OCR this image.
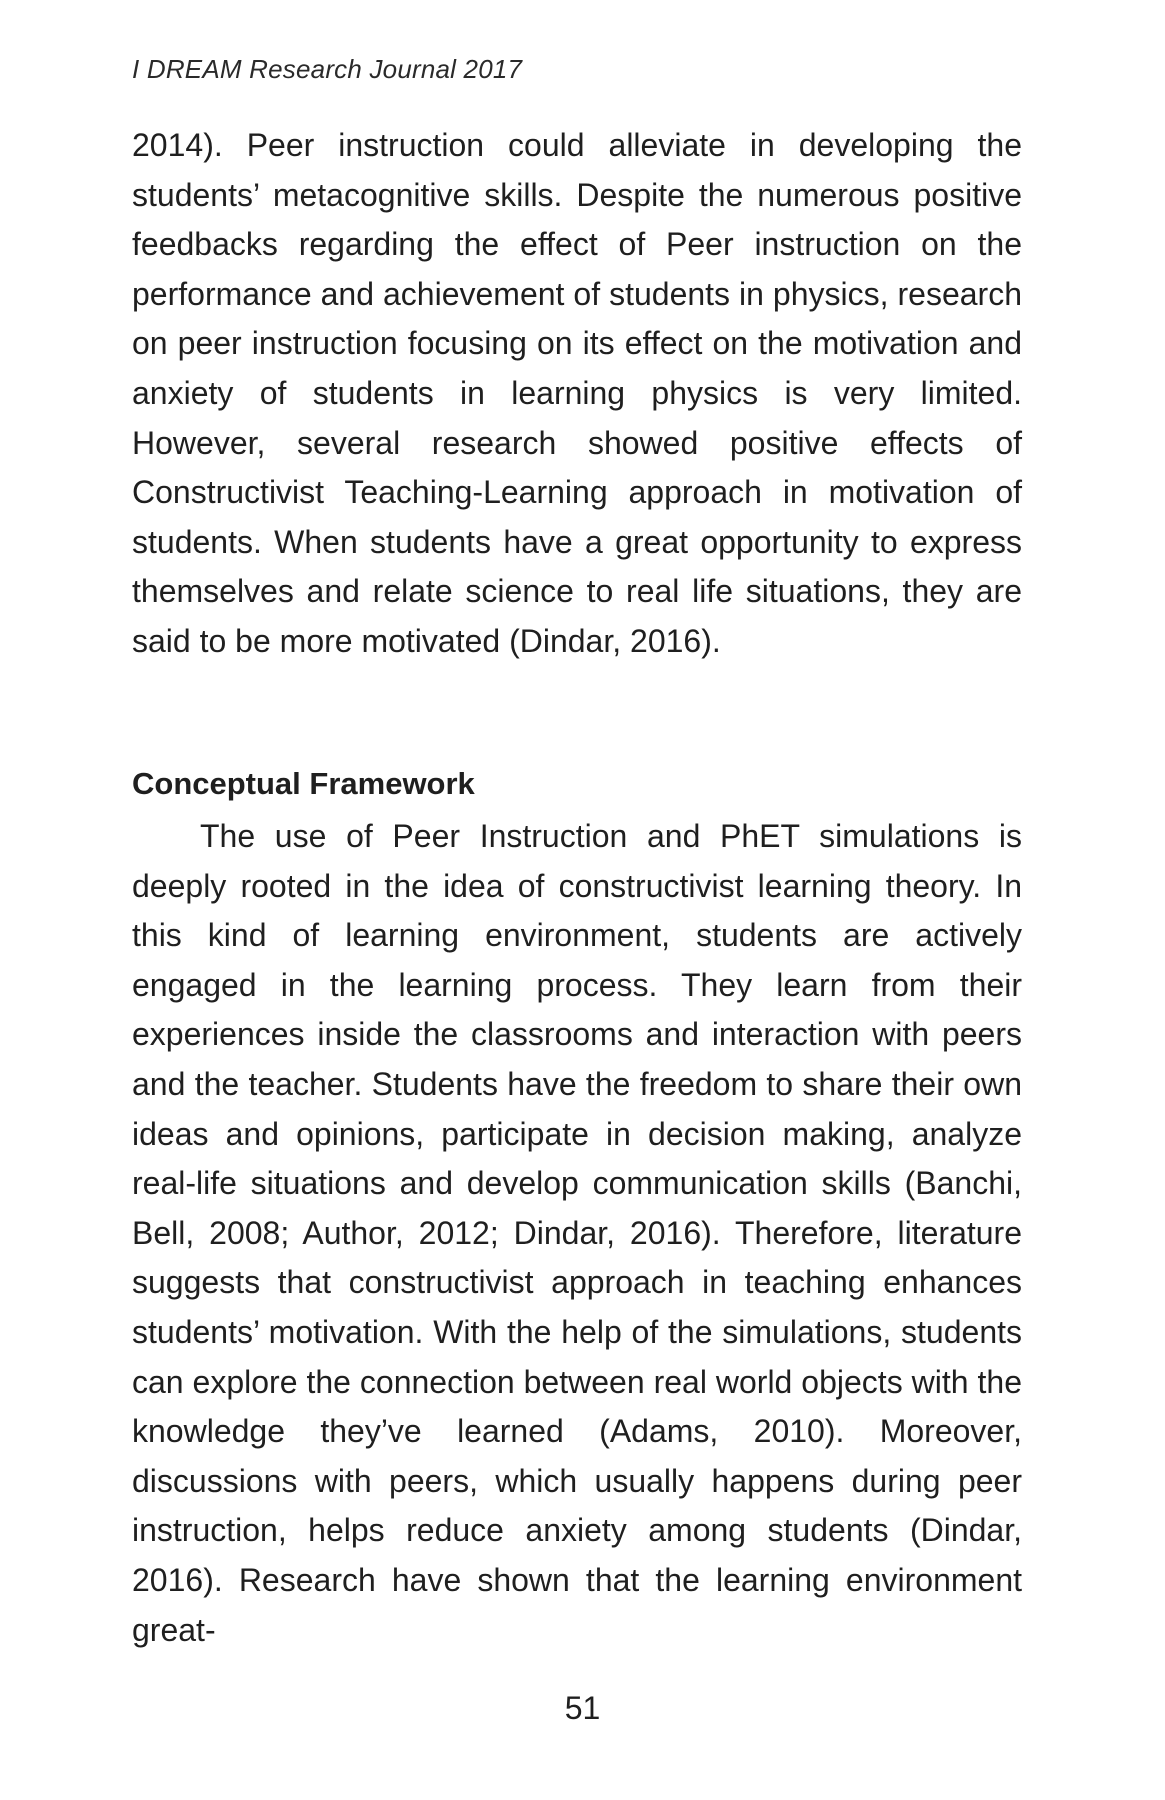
I DREAM Research Journal 2017

2014). Peer instruction could alleviate in developing the students’ metacognitive skills. Despite the numerous positive feedbacks regarding the effect of Peer instruction on the performance and achievement of students in physics, research on peer instruction focusing on its effect on the motivation and anxiety of students in learning physics is very limited. However, several research showed positive effects of Constructivist Teaching-Learning approach in motivation of students. When students have a great opportunity to express themselves and relate science to real life situations, they are said to be more motivated (Dindar, 2016).

Conceptual Framework

The use of Peer Instruction and PhET simulations is deeply rooted in the idea of constructivist learning theory. In this kind of learning environment, students are actively engaged in the learning process. They learn from their experiences inside the classrooms and interaction with peers and the teacher. Students have the freedom to share their own ideas and opinions, participate in decision making, analyze real-life situations and develop communication skills (Banchi, Bell, 2008; Author, 2012; Dindar, 2016). Therefore, literature suggests that constructivist approach in teaching enhances students’ motivation. With the help of the simulations, students can explore the connection between real world objects with the knowledge they’ve learned (Adams, 2010). Moreover, discussions with peers, which usually happens during peer instruction, helps reduce anxiety among students (Dindar, 2016). Research have shown that the learning environment great-

51
